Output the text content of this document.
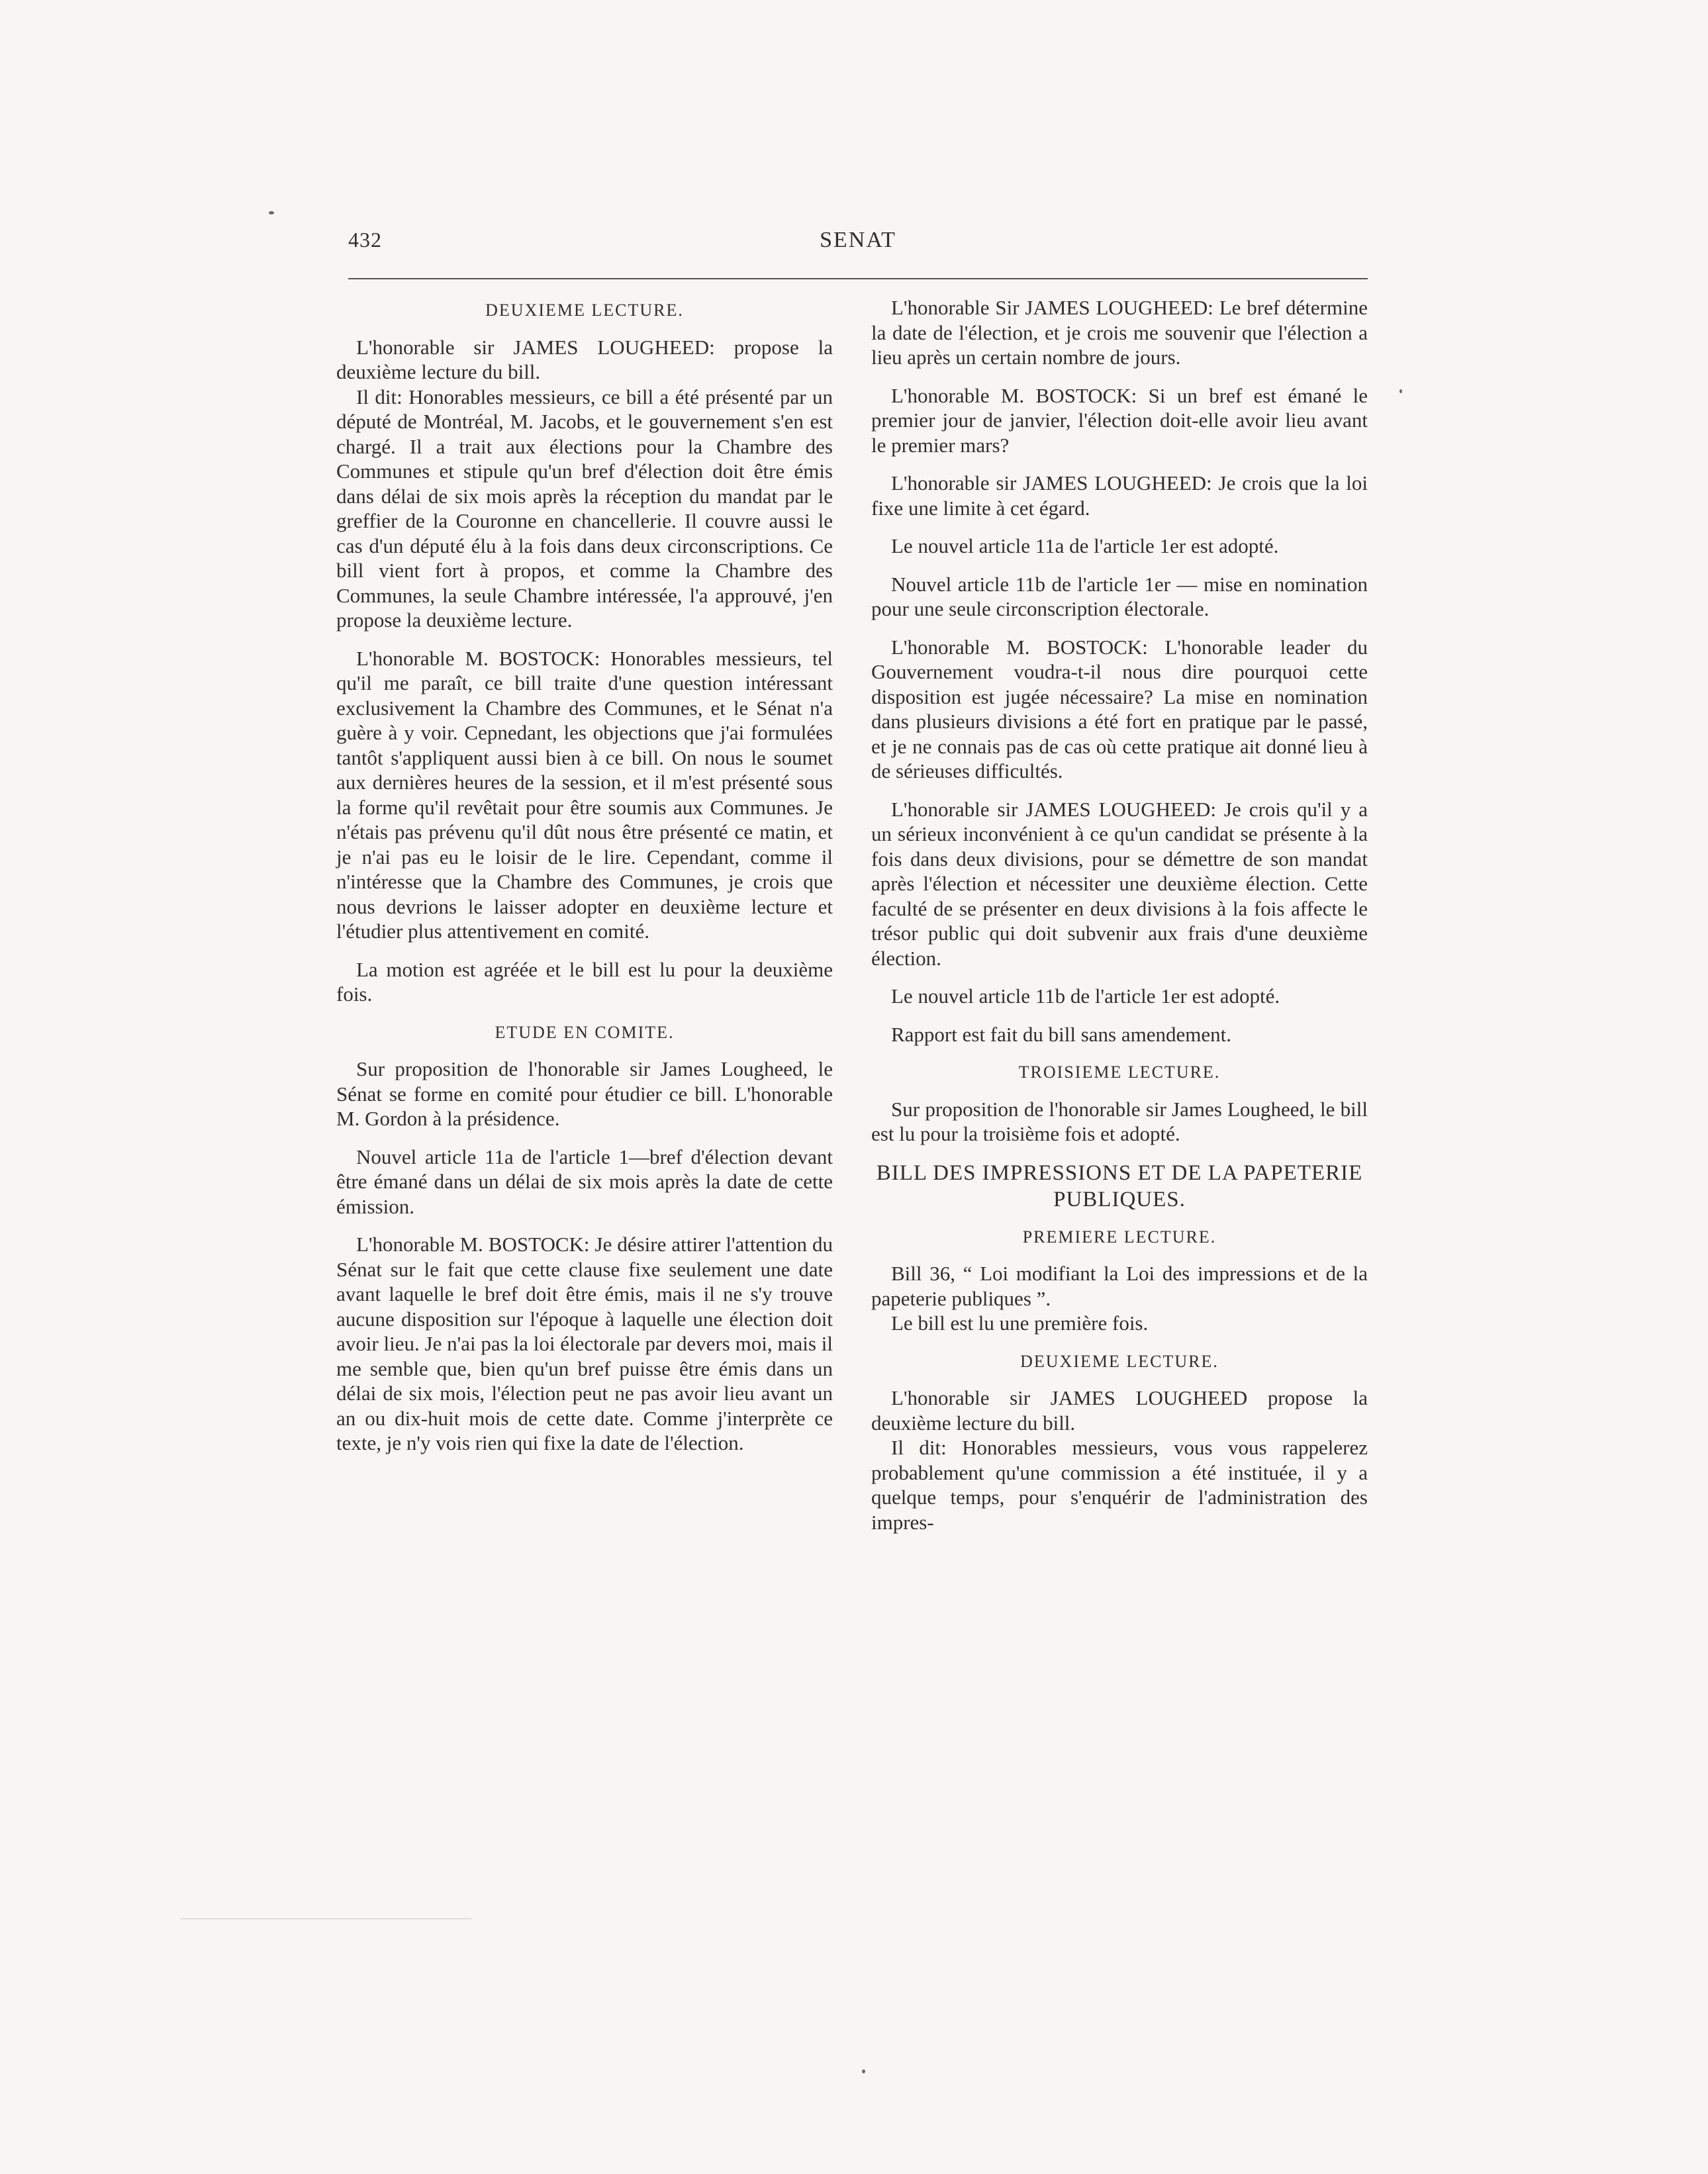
432	SENAT
DEUXIEME LECTURE.

L'honorable sir JAMES LOUGHEED: propose la deuxième lecture du bill.

Il dit: Honorables messieurs, ce bill a été présenté par un député de Montréal, M. Jacobs, et le gouvernement s'en est chargé. Il a trait aux élections pour la Chambre des Communes et stipule qu'un bref d'élection doit être émis dans délai de six mois après la réception du mandat par le greffier de la Couronne en chancellerie. Il couvre aussi le cas d'un député élu à la fois dans deux circonscriptions. Ce bill vient fort à propos, et comme la Chambre des Communes, la seule Chambre intéressée, l'a approuvé, j'en propose la deuxième lecture.

L'honorable M. BOSTOCK: Honorables messieurs, tel qu'il me paraît, ce bill traite d'une question intéressant exclusivement la Chambre des Communes, et le Sénat n'a guère à y voir. Cepnedant, les objections que j'ai formulées tantôt s'appliquent aussi bien à ce bill. On nous le soumet aux dernières heures de la session, et il m'est présenté sous la forme qu'il revêtait pour être soumis aux Communes. Je n'étais pas prévenu qu'il dût nous être présenté ce matin, et je n'ai pas eu le loisir de le lire. Cependant, comme il n'intéresse que la Chambre des Communes, je crois que nous devrions le laisser adopter en deuxième lecture et l'étudier plus attentivement en comité.

La motion est agréée et le bill est lu pour la deuxième fois.

ETUDE EN COMITE.

Sur proposition de l'honorable sir James Lougheed, le Sénat se forme en comité pour étudier ce bill. L'honorable M. Gordon à la présidence.

Nouvel article 11a de l'article 1—bref d'élection devant être émané dans un délai de six mois après la date de cette émission.

L'honorable M. BOSTOCK: Je désire attirer l'attention du Sénat sur le fait que cette clause fixe seulement une date avant laquelle le bref doit être émis, mais il ne s'y trouve aucune disposition sur l'époque à laquelle une élection doit avoir lieu. Je n'ai pas la loi électorale par devers moi, mais il me semble que, bien qu'un bref puisse être émis dans un délai de six mois, l'élection peut ne pas avoir lieu avant un an ou dix-huit mois de cette date. Comme j'interprète ce texte, je n'y vois rien qui fixe la date de l'élection.

L'honorable Sir JAMES LOUGHEED: Le bref détermine la date de l'élection, et je crois me souvenir que l'élection a lieu après un certain nombre de jours.

L'honorable M. BOSTOCK: Si un bref est émané le premier jour de janvier, l'élection doit-elle avoir lieu avant le premier mars?

L'honorable sir JAMES LOUGHEED: Je crois que la loi fixe une limite à cet égard.

Le nouvel article 11a de l'article 1er est adopté.

Nouvel article 11b de l'article 1er — mise en nomination pour une seule circonscription électorale.

L'honorable M. BOSTOCK: L'honorable leader du Gouvernement voudra-t-il nous dire pourquoi cette disposition est jugée nécessaire? La mise en nomination dans plusieurs divisions a été fort en pratique par le passé, et je ne connais pas de cas où cette pratique ait donné lieu à de sérieuses difficultés.

L'honorable sir JAMES LOUGHEED: Je crois qu'il y a un sérieux inconvénient à ce qu'un candidat se présente à la fois dans deux divisions, pour se démettre de son mandat après l'élection et nécessiter une deuxième élection. Cette faculté de se présenter en deux divisions à la fois affecte le trésor public qui doit subvenir aux frais d'une deuxième élection.

Le nouvel article 11b de l'article 1er est adopté.

Rapport est fait du bill sans amendement.

TROISIEME LECTURE.

Sur proposition de l'honorable sir James Lougheed, le bill est lu pour la troisième fois et adopté.

BILL DES IMPRESSIONS ET DE LA PAPETERIE PUBLIQUES.
PREMIERE LECTURE.

Bill 36, “ Loi modifiant la Loi des impressions et de la papeterie publiques ”.

Le bill est lu une première fois.

DEUXIEME LECTURE.

L'honorable sir JAMES LOUGHEED propose la deuxième lecture du bill.

Il dit: Honorables messieurs, vous vous rappelerez probablement qu'une commission a été instituée, il y a quelque temps, pour s'enquérir de l'administration des impres-
